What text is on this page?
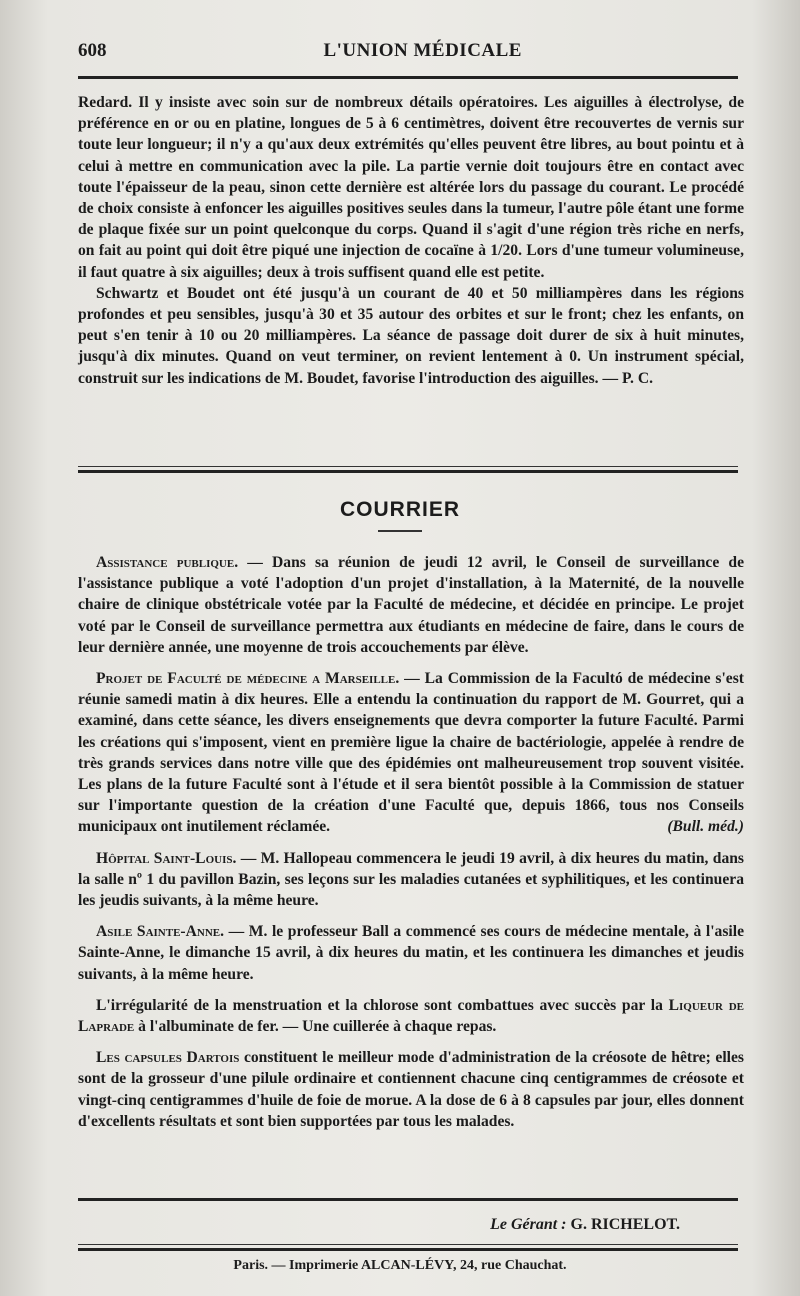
608	L'UNION MÉDICALE

Redard. Il y insiste avec soin sur de nombreux détails opératoires. Les aiguilles à électrolyse, de préférence en or ou en platine, longues de 5 à 6 centimètres, doivent être recouvertes de vernis sur toute leur longueur; il n'y a qu'aux deux extrémités qu'elles peuvent être libres, au bout pointu et à celui à mettre en communication avec la pile. La partie vernie doit toujours être en contact avec toute l'épaisseur de la peau, sinon cette dernière est altérée lors du passage du courant. Le procédé de choix consiste à enfoncer les aiguilles positives seules dans la tumeur, l'autre pôle étant une forme de plaque fixée sur un point quelconque du corps. Quand il s'agit d'une région très riche en nerfs, on fait au point qui doit être piqué une injection de cocaïne à 1/20. Lors d'une tumeur volumineuse, il faut quatre à six aiguilles; deux à trois suffisent quand elle est petite.

Schwartz et Boudet ont été jusqu'à un courant de 40 et 50 milliampères dans les régions profondes et peu sensibles, jusqu'à 30 et 35 autour des orbites et sur le front; chez les enfants, on peut s'en tenir à 10 ou 20 milliampères. La séance de passage doit durer de six à huit minutes, jusqu'à dix minutes. Quand on veut terminer, on revient lentement à 0. Un instrument spécial, construit sur les indications de M. Boudet, favorise l'introduction des aiguilles. — P. C.

COURRIER

Assistance publique. — Dans sa réunion de jeudi 12 avril, le Conseil de surveillance de l'assistance publique a voté l'adoption d'un projet d'installation, à la Maternité, de la nouvelle chaire de clinique obstétricale votée par la Faculté de médecine, et décidée en principe. Le projet voté par le Conseil de surveillance permettra aux étudiants en médecine de faire, dans le cours de leur dernière année, une moyenne de trois accouchements par élève.

Projet de Faculté de médecine a Marseille. — La Commission de la Facultó de médecine s'est réunie samedi matin à dix heures. Elle a entendu la continuation du rapport de M. Gourret, qui a examiné, dans cette séance, les divers enseignements que devra comporter la future Faculté. Parmi les créations qui s'imposent, vient en première ligue la chaire de bactériologie, appelée à rendre de très grands services dans notre ville que des épidémies ont malheureusement trop souvent visitée. Les plans de la future Faculté sont à l'étude et il sera bientôt possible à la Commission de statuer sur l'importante question de la création d'une Faculté que, depuis 1866, tous nos Conseils municipaux ont inutilement réclamée.	(Bull. méd.)

Hôpital Saint-Louis. — M. Hallopeau commencera le jeudi 19 avril, à dix heures du matin, dans la salle nº 1 du pavillon Bazin, ses leçons sur les maladies cutanées et syphilitiques, et les continuera les jeudis suivants, à la même heure.

Asile Sainte-Anne. — M. le professeur Ball a commencé ses cours de médecine mentale, à l'asile Sainte-Anne, le dimanche 15 avril, à dix heures du matin, et les continuera les dimanches et jeudis suivants, à la même heure.

L'irrégularité de la menstruation et la chlorose sont combattues avec succès par la Liqueur de Laprade à l'albuminate de fer. — Une cuillerée à chaque repas.

Les capsules Dartois constituent le meilleur mode d'administration de la créosote de hêtre; elles sont de la grosseur d'une pilule ordinaire et contiennent chacune cinq centigrammes de créosote et vingt-cinq centigrammes d'huile de foie de morue. A la dose de 6 à 8 capsules par jour, elles donnent d'excellents résultats et sont bien supportées par tous les malades.

Le Gérant : G. RICHELOT.
Paris. — Imprimerie ALCAN-LÉVY, 24, rue Chauchat.
